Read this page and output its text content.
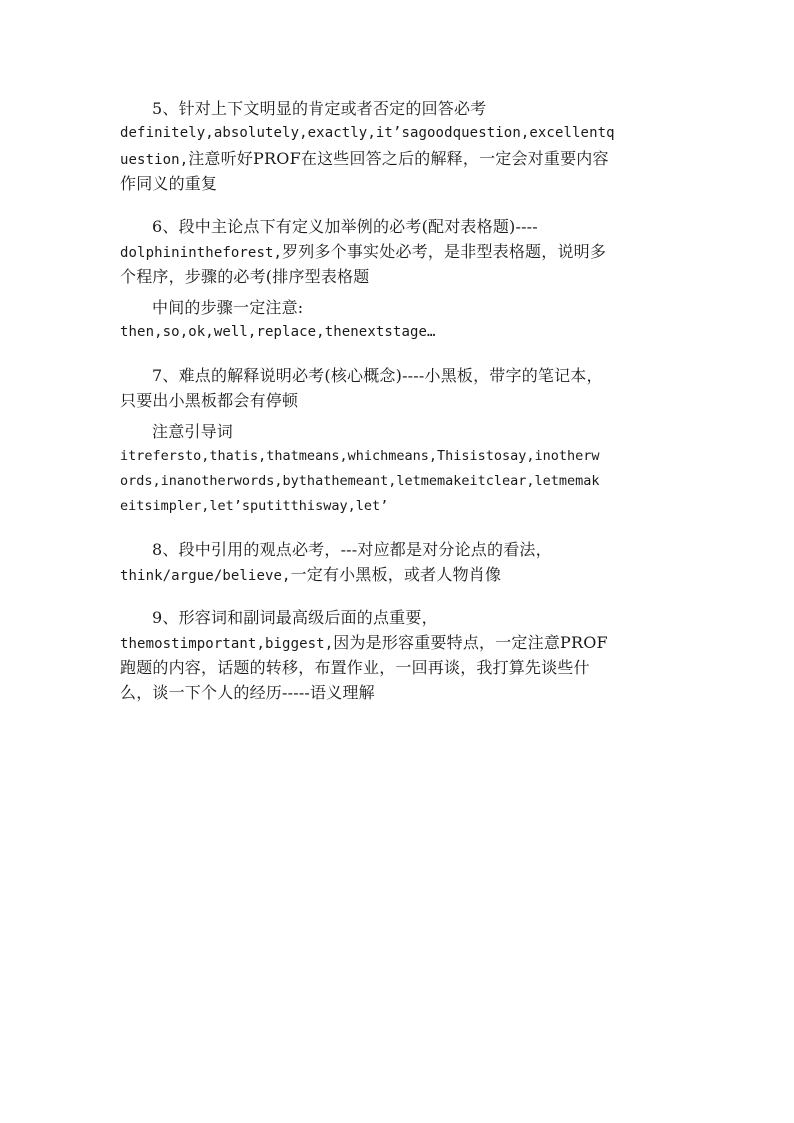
5、针对上下文明显的肯定或者否定的回答必考
definitely,absolutely,exactly,it’sagoodquestion,excellentq
uestion,注意听好PROF在这些回答之后的解释，一定会对重要内容
作同义的重复
6、段中主论点下有定义加举例的必考(配对表格题)----
dolphinintheforest,罗列多个事实处必考，是非型表格题，说明多
个程序，步骤的必考(排序型表格题
中间的步骤一定注意:
then,so,ok,well,replace,thenextstage…
7、难点的解释说明必考(核心概念)----小黑板，带字的笔记本，
只要出小黑板都会有停顿
注意引导词
itrefersto,thatis,thatmeans,whichmeans,Thisistosay,inotherw
ords,inanotherwords,bythathemeant,letmemakeitclear,letmemak
eitsimpler,let’sputitthisway,let’
8、段中引用的观点必考，---对应都是对分论点的看法，
think/argue/believe,一定有小黑板，或者人物肖像
9、形容词和副词最高级后面的点重要，
themostimportant,biggest,因为是形容重要特点，一定注意PROF
跑题的内容，话题的转移，布置作业，一回再谈，我打算先谈些什
么，谈一下个人的经历-----语义理解
